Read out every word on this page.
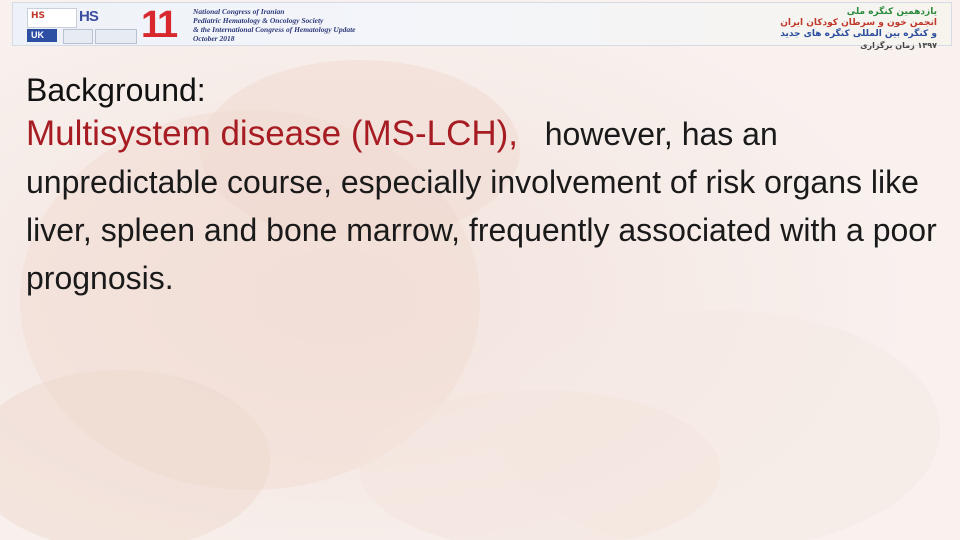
HS HS
UK	11 National Congress of Iranian
Pediatric Hematology & Oncology Society
& the International Congress of Hematology Update
October 2018
یازدهمین کنگره ملی
انجمن خون و سرطان کودکان ایران
و کنگره بین المللی کنگره های جدید
۱۳۹۷ زمان برگزاری
Background:
Multisystem disease (MS-LCH), however, has an unpredictable course, especially involvement of risk organs like liver, spleen and bone marrow, frequently associated with a poor prognosis.
